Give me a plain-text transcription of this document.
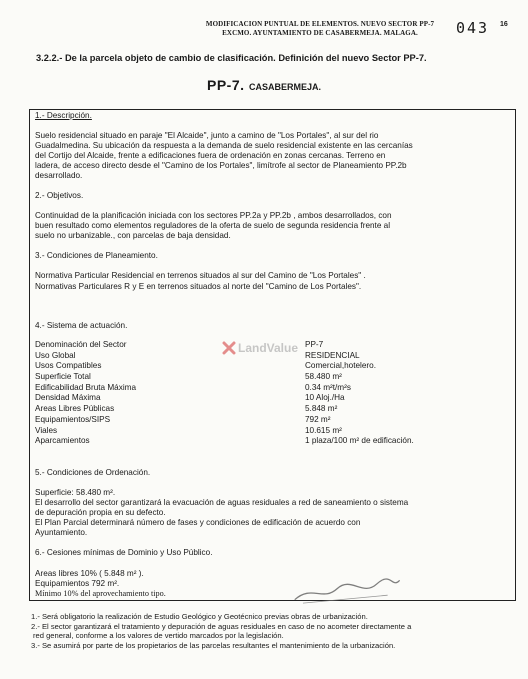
MODIFICACION PUNTUAL DE ELEMENTOS. NUEVO SECTOR PP-7
EXCMO. AYUNTAMIENTO DE CASABERMEJA. MALAGA.	043 16
3.2.2.- De la parcela objeto de cambio de clasificación. Definición del nuevo Sector PP-7.
PP-7. CASABERMEJA.
1.- Descripción.
Suelo residencial situado en paraje "El Alcaide", junto a camino de "Los Portales", al sur del rio
Guadalmedina. Su ubicación da respuesta a la demanda de suelo residencial existente en las cercanías
del Cortijo del Alcaide, frente a edificaciones fuera de ordenación en zonas cercanas. Terreno en
ladera, de acceso directo desde el "Camino de los Portales", limítrofe al sector de Planeamiento PP.2b
desarrollado.
2.- Objetivos.
Continuidad de la planificación iniciada con los sectores PP.2a y PP.2b , ambos desarrollados, con
buen resultado como elementos reguladores de la oferta de suelo de segunda residencia frente al
suelo no urbanizable., con parcelas de baja densidad.
3.- Condiciones de Planeamiento.
Normativa Particular Residencial en terrenos situados al sur del Camino de "Los Portales" .
Normativas Particulares R y E en terrenos situados al norte del "Camino de Los Portales".
4.- Sistema de actuación.
Denominación del Sector	PP-7
Uso Global	RESIDENCIAL
Usos Compatibles	Comercial,hotelero.
Superficie Total	58.480 m²
Edificabilidad Bruta Máxima	0.34 m²t/m²s
Densidad Máxima	10 Aloj./Ha
Areas Libres Públicas	5.848 m²
Equipamientos/SIPS	792 m²
Viales	10.615 m²
Aparcamientos	1 plaza/100 m² de edificación.
LandValue
5.- Condiciones de Ordenación.
Superficie: 58.480 m².
El desarrollo del sector garantizará la evacuación de aguas residuales a red de saneamiento o sistema
de depuración propia en su defecto.
El Plan Parcial determinará número de fases y condiciones de edificación de acuerdo con
Ayuntamiento.
6.- Cesiones mínimas de Dominio y Uso Público.
Areas libres 10% ( 5.848 m² ).
Equipamientos 792 m².
Mínimo 10% del aprovechamiento tipo.
1.- Será obligatorio la realización de Estudio Geológico y Geotécnico previas obras de urbanización.
2.- El sector garantizará el tratamiento y depuración de aguas residuales en caso de no acometer directamente a
red general, conforme a los valores de vertido marcados por la legislación.
3.- Se asumirá por parte de los propietarios de las parcelas resultantes el mantenimiento de la urbanización.
